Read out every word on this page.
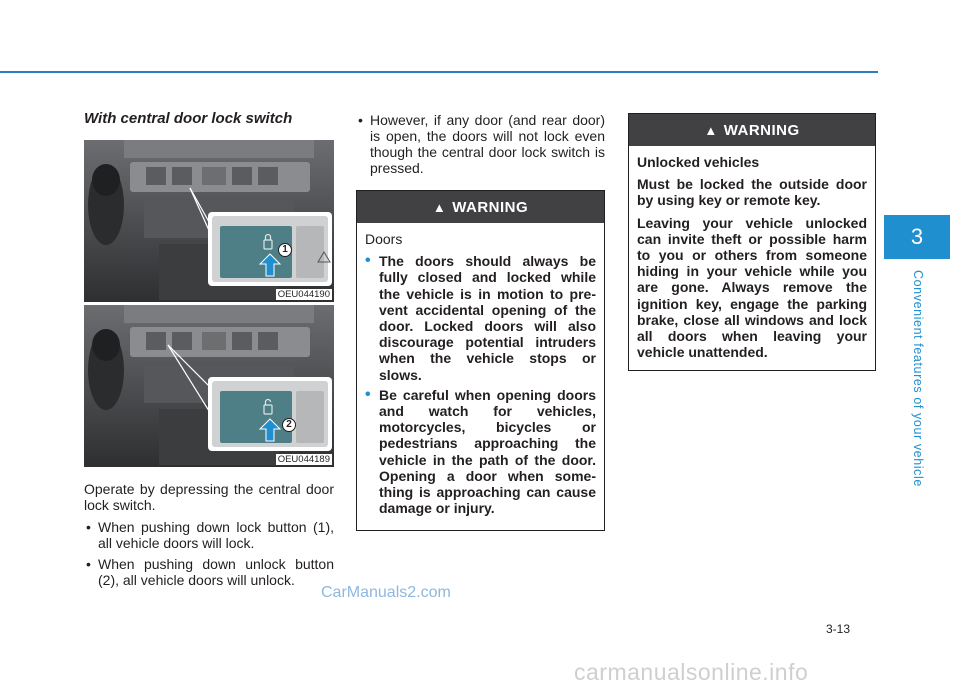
3
Convenient features of your vehicle
With central door lock switch
1
OEU044190
2
OEU044189

Operate by depressing the central door lock switch.

• When pushing down lock button (1), all vehicle doors will lock.
• When pushing down unlock button (2), all vehicle doors will unlock.
• However, if any door (and rear door) is open, the doors will not lock even though the central door lock switch is pressed.
▲ WARNING

Doors

• The doors should always be fully closed and locked while the vehicle is in motion to pre-vent accidental opening of the door. Locked doors will also discourage potential intruders when the vehicle stops or slows.
• Be careful when opening doors and watch for vehicles, motorcycles, bicycles or pedestrians approaching the vehicle in the path of the door. Opening a door when some-thing is approaching can cause damage or injury.
▲ WARNING

Unlocked vehicles

Must be locked the outside door by using key or remote key.

Leaving your vehicle unlocked can invite theft or possible harm to you or others from someone hiding in your vehicle while you are gone. Always remove the ignition key, engage the parking brake, close all windows and lock all doors when leaving your vehicle unattended.

3-13
CarManuals2.com
carmanualsonline.info
